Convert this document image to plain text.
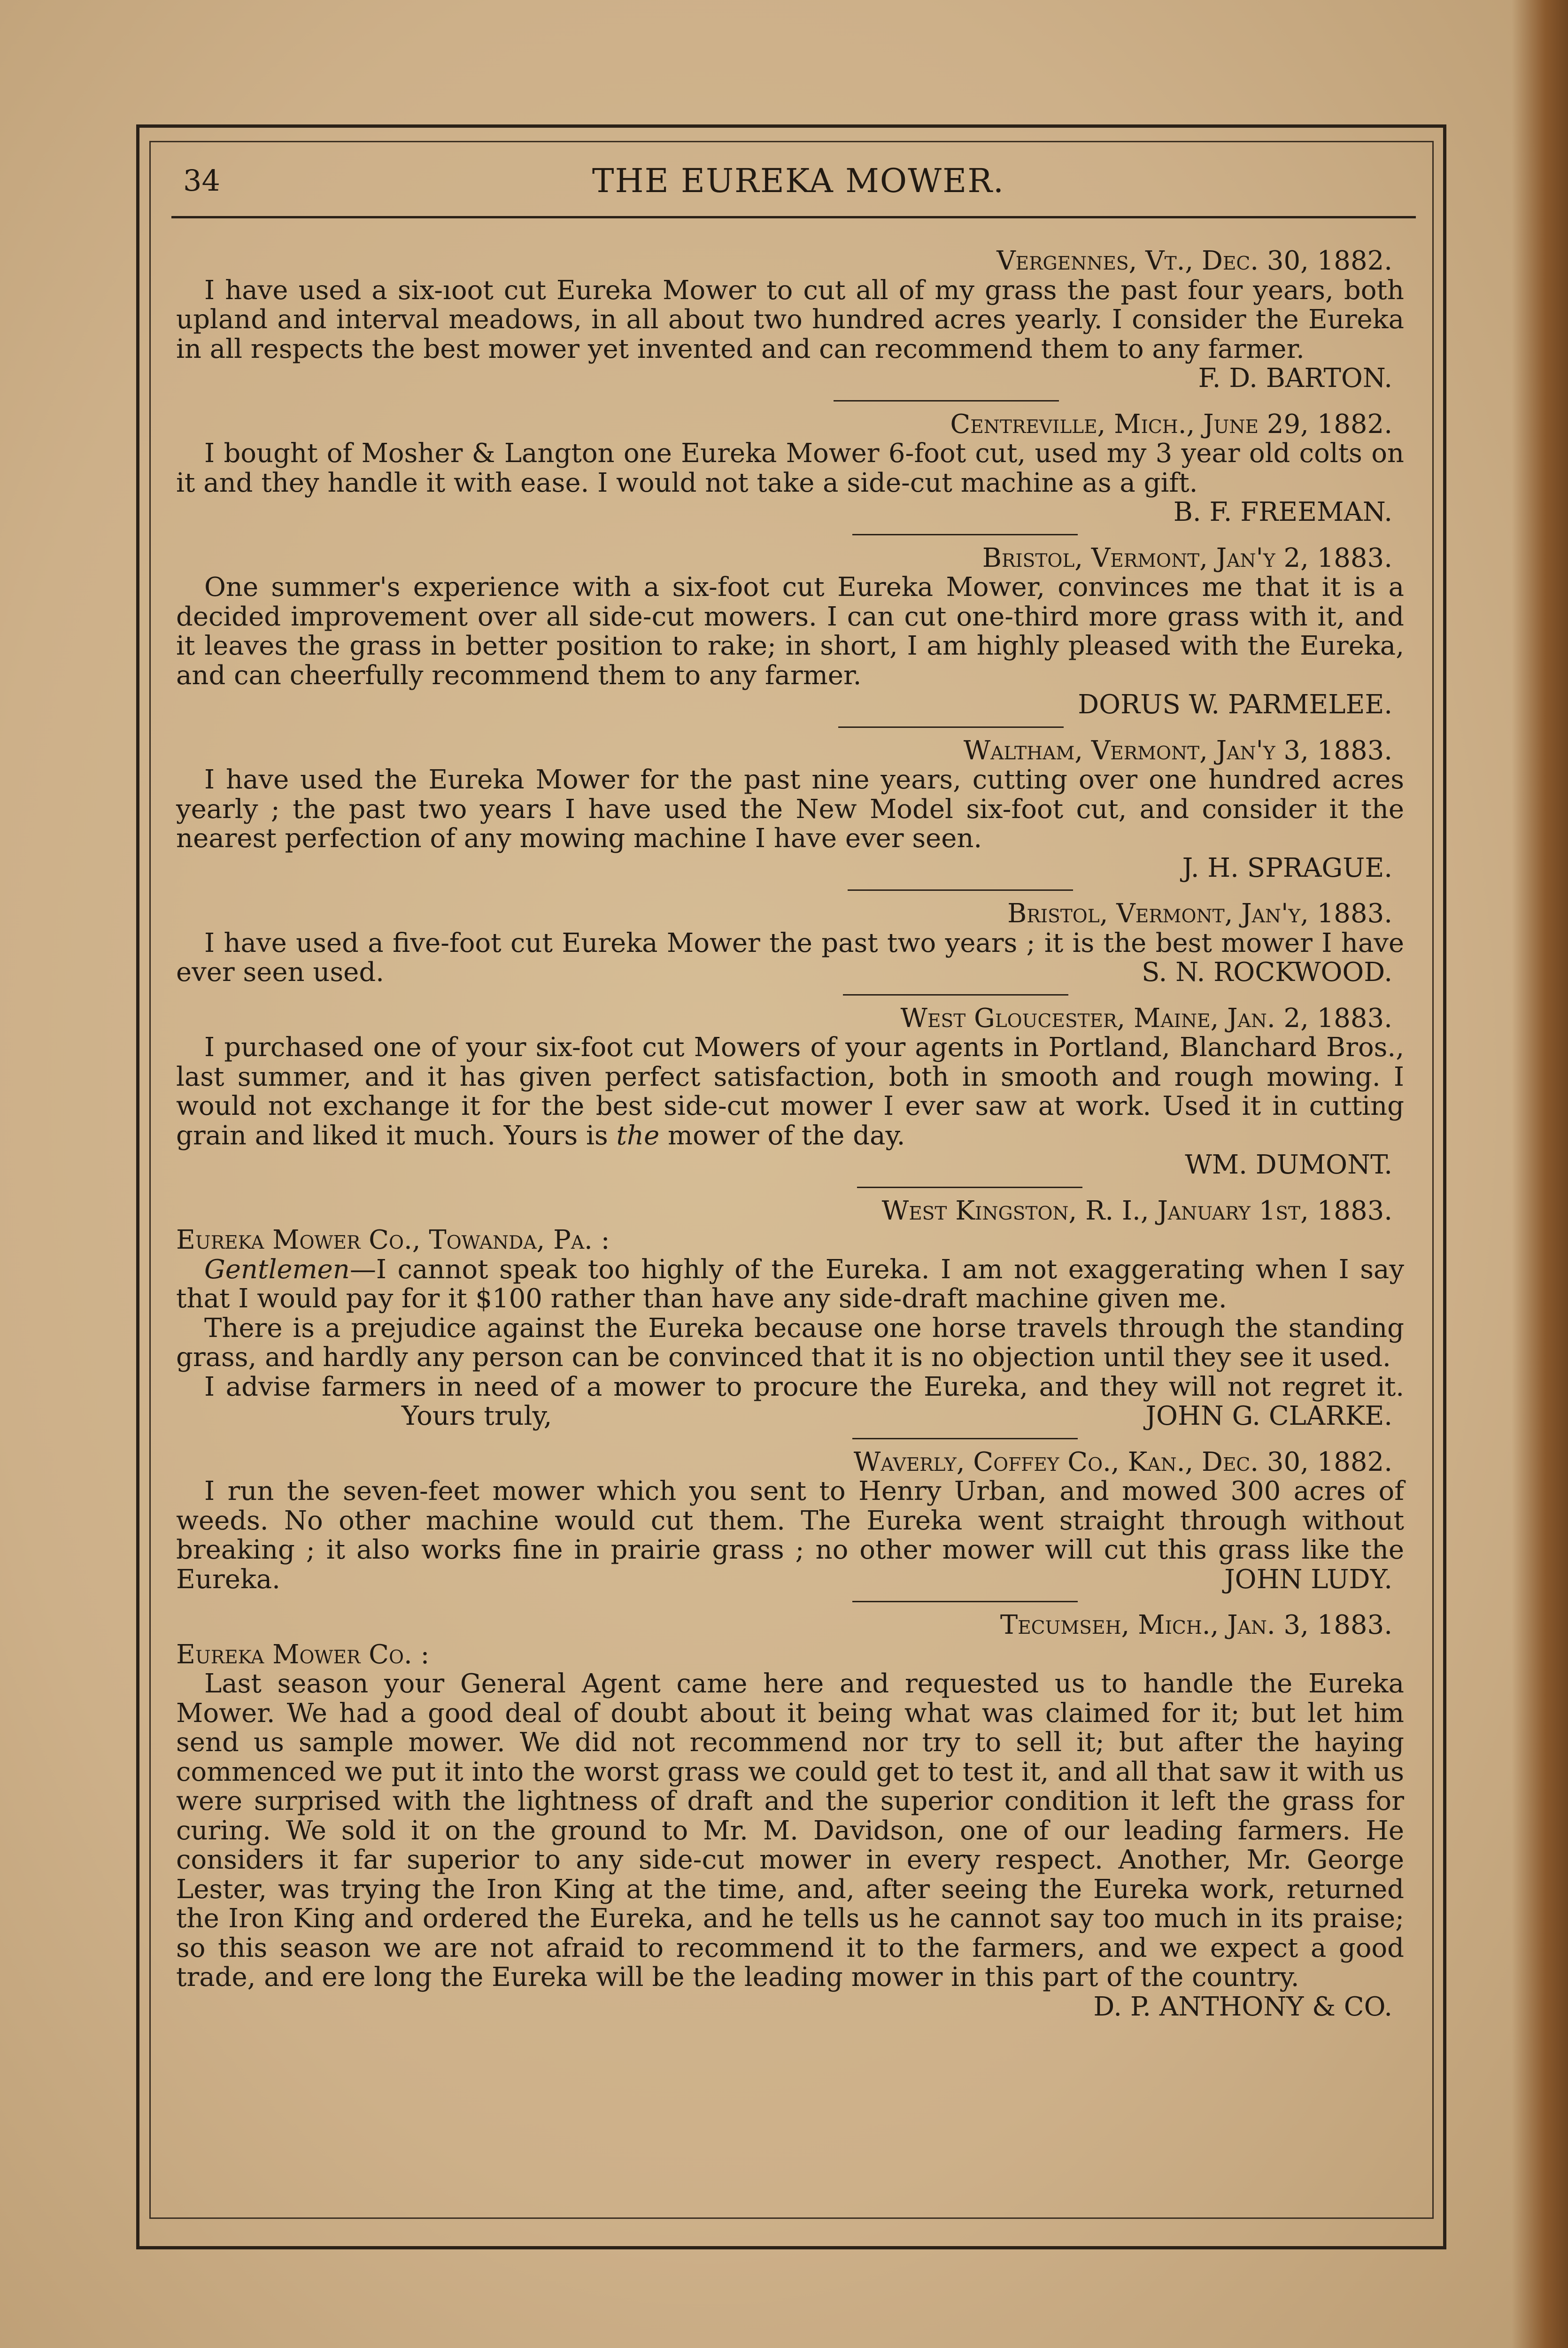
34	THE EUREKA MOWER.
Vergennes, Vt., Dec. 30, 1882.

I have used a six-ıoot cut Eureka Mower to cut all of my grass the past four years, both upland and interval meadows, in all about two hundred acres yearly. I consider the Eureka in all respects the best mower yet invented and can recommend them to any farmer.
F. D. BARTON.

Centreville, Mich., June 29, 1882.

I bought of Mosher & Langton one Eureka Mower 6-foot cut, used my 3 year old colts on it and they handle it with ease. I would not take a side-cut machine as a gift.

B. F. FREEMAN.
Bristol, Vermont, Jan'y 2, 1883.

One summer's experience with a six-foot cut Eureka Mower, convinces me that it is a decided improvement over all side-cut mowers. I can cut one-third more grass with it, and it leaves the grass in better position to rake; in short, I am highly pleased with the Eureka, and can cheerfully recommend them to any farmer.

DORUS W. PARMELEE.
Waltham, Vermont, Jan'y 3, 1883.

I have used the Eureka Mower for the past nine years, cutting over one hundred acres yearly ; the past two years I have used the New Model six-foot cut, and consider it the nearest perfection of any mowing machine I have ever seen.

J. H. SPRAGUE.
Bristol, Vermont, Jan'y, 1883.

I have used a five-foot cut Eureka Mower the past two years ; it is the best mower I have ever seen used.	S. N. ROCKWOOD.

West Gloucester, Maine, Jan. 2, 1883.

I purchased one of your six-foot cut Mowers of your agents in Portland, Blanchard Bros., last summer, and it has given perfect satisfaction, both in smooth and rough mowing. I would not exchange it for the best side-cut mower I ever saw at work. Used it in cutting grain and liked it much. Yours is the mower of the day.

WM. DUMONT.
West Kingston, R. I., January 1st, 1883.

Eureka Mower Co., Towanda, Pa. :

Gentlemen—I cannot speak too highly of the Eureka. I am not exaggerating when I say that I would pay for it $100 rather than have any side-draft machine given me.

There is a prejudice against the Eureka because one horse travels through the standing grass, and hardly any person can be convinced that it is no objection until they see it used.

I advise farmers in need of a mower to procure the Eureka, and they will not regret it.Yours truly,	JOHN G. CLARKE.

Waverly, Coffey Co., Kan., Dec. 30, 1882.

I run the seven-feet mower which you sent to Henry Urban, and mowed 300 acres of weeds. No other machine would cut them. The Eureka went straight through without breaking ; it also works fine in prairie grass ; no other mower will cut this grass like the Eureka.	JOHN LUDY.

Tecumseh, Mich., Jan. 3, 1883.

Eureka Mower Co. :

Last season your General Agent came here and requested us to handle the Eureka Mower. We had a good deal of doubt about it being what was claimed for it; but let him send us sample mower. We did not recommend nor try to sell it; but after the haying commenced we put it into the worst grass we could get to test it, and all that saw it with us were surprised with the lightness of draft and the superior condition it left the grass for curing. We sold it on the ground to Mr. M. Davidson, one of our leading farmers. He considers it far superior to any side-cut mower in every respect. Another, Mr. George Lester, was trying the Iron King at the time, and, after seeing the Eureka work, returned the Iron King and ordered the Eureka, and he tells us he cannot say too much in its praise; so this season we are not afraid to recommend it to the farmers, and we expect a good trade, and ere long the Eureka will be the leading mower in this part of the country.
D. P. ANTHONY & CO.
